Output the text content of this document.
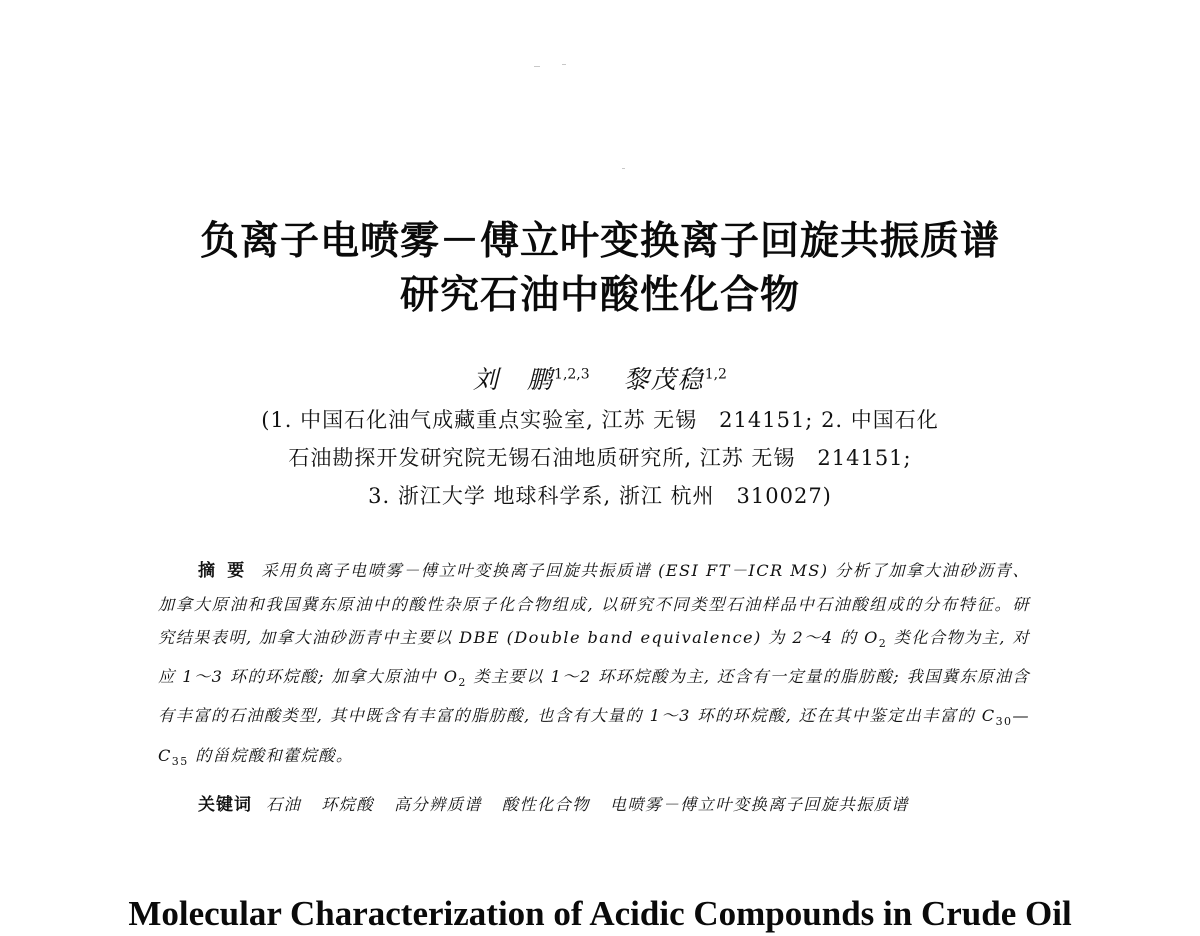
负离子电喷雾－傅立叶变换离子回旋共振质谱
研究石油中酸性化合物
刘　鹏$^{1,2,3}$ 黎茂稳$^{1,2}$
(1. 中国石化油气成藏重点实验室, 江苏 无锡　214151; 2. 中国石化
石油勘探开发研究院无锡石油地质研究所, 江苏 无锡　214151;
3. 浙江大学 地球科学系, 浙江 杭州　310027)
摘 要 采用负离子电喷雾－傅立叶变换离子回旋共振质谱 (ESI FT－ICR MS) 分析了加拿大油砂沥青、加拿大原油和我国冀东原油中的酸性杂原子化合物组成, 以研究不同类型石油样品中石油酸组成的分布特征。研究结果表明, 加拿大油砂沥青中主要以 DBE (Double band equivalence) 为 2～4 的 $O_2$ 类化合物为主, 对应 1～3 环的环烷酸; 加拿大原油中 $O_2$ 类主要以 1～2 环环烷酸为主, 还含有一定量的脂肪酸; 我国冀东原油含有丰富的石油酸类型, 其中既含有丰富的脂肪酸, 也含有大量的 1～3 环的环烷酸, 还在其中鉴定出丰富的 $C_{30}—C_{35}$ 的甾烷酸和藿烷酸。
关键词 石油 环烷酸 高分辨质谱 酸性化合物 电喷雾－傅立叶变换离子回旋共振质谱
Molecular Characterization of Acidic Compounds in Crude Oil
